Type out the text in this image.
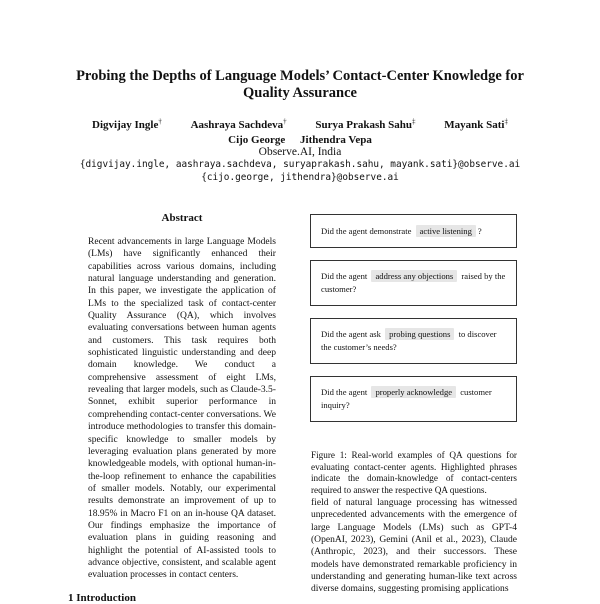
Probing the Depths of Language Models’ Contact-Center Knowledge for Quality Assurance
Digvijay Ingle†	Aashraya Sachdeva†	Surya Prakash Sahu‡	Mayank Sati‡
Cijo George Jithendra Vepa
Observe.AI, India
{digvijay.ingle, aashraya.sachdeva, suryaprakash.sahu, mayank.sati}@observe.ai
{cijo.george, jithendra}@observe.ai
Abstract
Recent advancements in large Language Models (LMs) have significantly enhanced their capabilities across various domains, including natural language understanding and generation. In this paper, we investigate the application of LMs to the specialized task of contact-center Quality Assurance (QA), which involves evaluating conversations between human agents and customers. This task requires both sophisticated linguistic understanding and deep domain knowledge. We conduct a comprehensive assessment of eight LMs, revealing that larger models, such as Claude-3.5-Sonnet, exhibit superior performance in comprehending contact-center conversations. We introduce methodologies to transfer this domain-specific knowledge to smaller models by leveraging evaluation plans generated by more knowledgeable models, with optional human-in-the-loop refinement to enhance the capabilities of smaller models. Notably, our experimental results demonstrate an improvement of up to 18.95% in Macro F1 on an in-house QA dataset. Our findings emphasize the importance of evaluation plans in guiding reasoning and highlight the potential of AI-assisted tools to advance objective, consistent, and scalable agent evaluation processes in contact centers.
1 Introduction
Did the agent demonstrate active listening ?
Did the agent address any objections raised by the customer?
Did the agent ask probing questions to discover the customer’s needs?
Did the agent properly acknowledge customer inquiry?
Figure 1: Real-world examples of QA questions for evaluating contact-center agents. Highlighted phrases indicate the domain-knowledge of contact-centers required to answer the respective QA questions.
field of natural language processing has witnessed unprecedented advancements with the emergence of large Language Models (LMs) such as GPT-4 (OpenAI, 2023), Gemini (Anil et al., 2023), Claude (Anthropic, 2023), and their successors. These models have demonstrated remarkable proficiency in understanding and generating human-like text across diverse domains, suggesting promising applications
